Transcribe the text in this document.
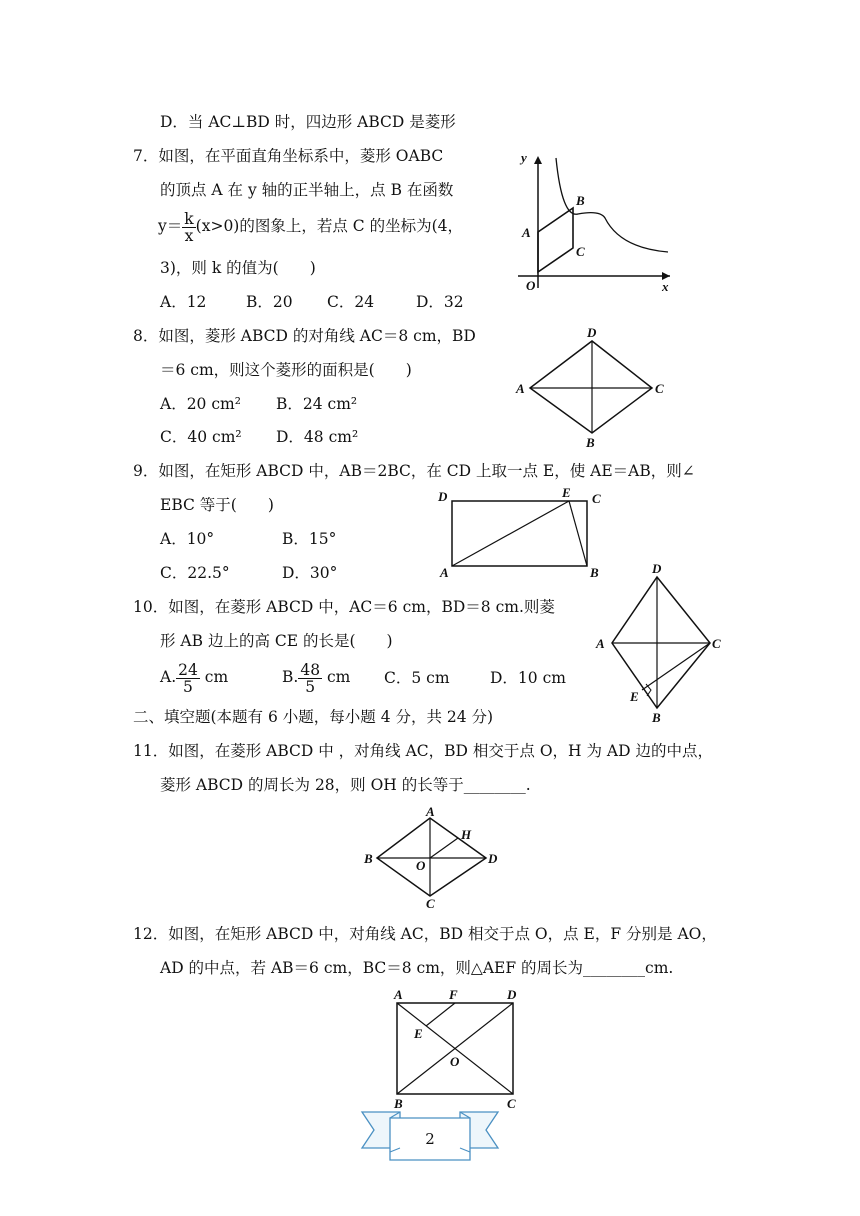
D．当 AC⊥BD 时，四边形 ABCD 是菱形
7．如图，在平面直角坐标系中，菱形 OABC
的顶点 A 在 y 轴的正半轴上，点 B 在函数
$y= \frac{k}{x} (x>0)$的图象上，若点 C 的坐标为(4，
3)，则 k 的值为(　　)
A．12	B．20 C．24	D．32
y
x
O
A
B
C
8．如图，菱形 ABCD 的对角线 AC＝8 cm，BD
＝6 cm，则这个菱形的面积是(　　)
A．20 cm² B．24 cm²
C．40 cm² D．48 cm²
D
A	C
B
9．如图，在矩形 ABCD 中，AB＝2BC，在 CD 上取一点 E，使 AE＝AB，则∠
EBC 等于(　　)
A．10°	B．15°
C．22.5°	D．30°
D	E C
A	B
10．如图，在菱形 ABCD 中，AC＝6 cm，BD＝8 cm.则菱
形 AB 边上的高 CE 的长是(　　)
A. $\frac{24}{5}$ cm	B. $\frac{48}{5}$ cm C．5 cm	D．10 cm
D
A	C
E
B
二、填空题(本题有 6 小题，每小题 4 分，共 24 分)
11．如图，在菱形 ABCD 中 ，对角线 AC，BD 相交于点 O，H 为 AD 边的中点，
菱形 ABCD 的周长为 28，则 OH 的长等于________.
A
H
B	D
O
C
12．如图，在矩形 ABCD 中，对角线 AC，BD 相交于点 O，点 E，F 分别是 AO，
AD 的中点，若 AB＝6 cm，BC＝8 cm，则△AEF 的周长为________cm.
A	F	D
E
O
B	C
2
